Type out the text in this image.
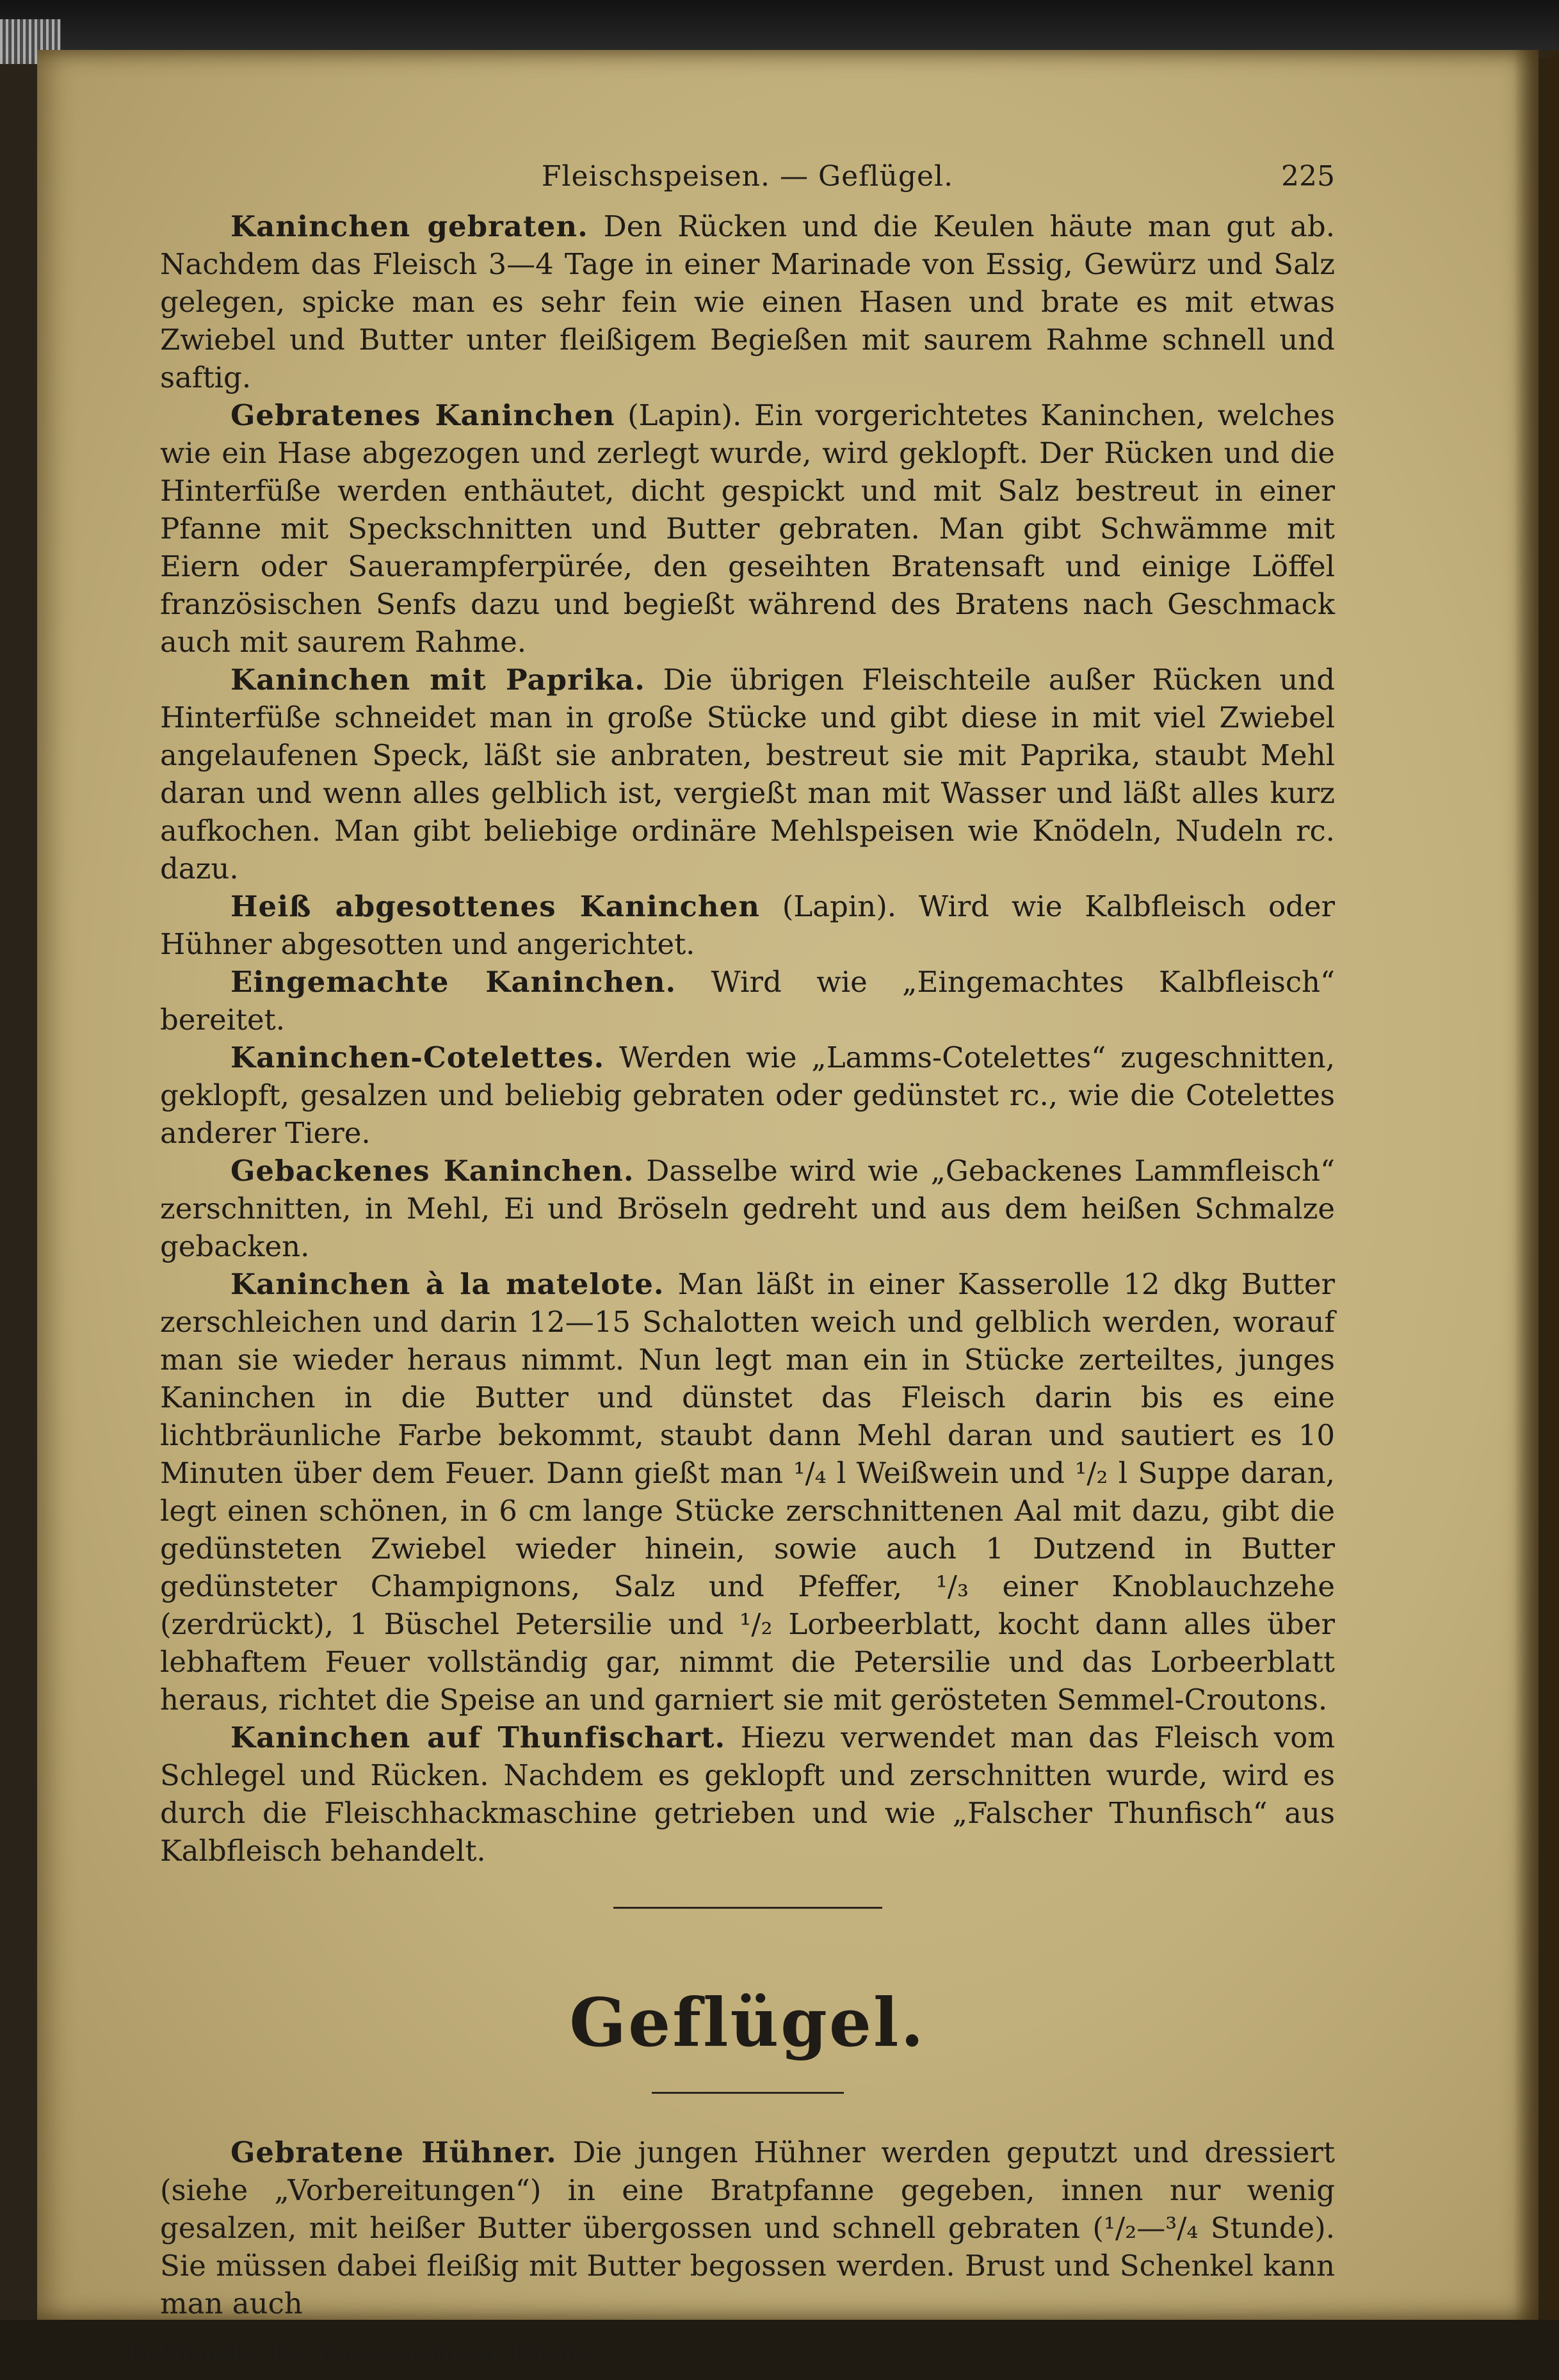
Fleischspeisen. — Geflügel.	225

Kaninchen gebraten. Den Rücken und die Keulen häute man gut ab. Nachdem das Fleisch 3—4 Tage in einer Marinade von Essig, Gewürz und Salz gelegen, spicke man es sehr fein wie einen Hasen und brate es mit etwas Zwiebel und Butter unter fleißigem Begießen mit saurem Rahme schnell und saftig.

Gebratenes Kaninchen (Lapin). Ein vorgerichtetes Kaninchen, welches wie ein Hase abgezogen und zerlegt wurde, wird geklopft. Der Rücken und die Hinterfüße werden enthäutet, dicht gespickt und mit Salz bestreut in einer Pfanne mit Speckschnitten und Butter gebraten. Man gibt Schwämme mit Eiern oder Sauerampferpürée, den geseihten Bratensaft und einige Löffel französischen Senfs dazu und begießt während des Bratens nach Geschmack auch mit saurem Rahme.

Kaninchen mit Paprika. Die übrigen Fleischteile außer Rücken und Hinterfüße schneidet man in große Stücke und gibt diese in mit viel Zwiebel angelaufenen Speck, läßt sie anbraten, bestreut sie mit Paprika, staubt Mehl daran und wenn alles gelblich ist, vergießt man mit Wasser und läßt alles kurz aufkochen. Man gibt beliebige ordinäre Mehlspeisen wie Knödeln, Nudeln rc. dazu.

Heiß abgesottenes Kaninchen (Lapin). Wird wie Kalbfleisch oder Hühner abgesotten und angerichtet.

Eingemachte Kaninchen. Wird wie „Eingemachtes Kalbfleisch“ bereitet.

Kaninchen-Cotelettes. Werden wie „Lamms-Cotelettes“ zugeschnitten, geklopft, gesalzen und beliebig gebraten oder gedünstet rc., wie die Cotelettes anderer Tiere.

Gebackenes Kaninchen. Dasselbe wird wie „Gebackenes Lammfleisch“ zerschnitten, in Mehl, Ei und Bröseln gedreht und aus dem heißen Schmalze gebacken.

Kaninchen à la matelote. Man läßt in einer Kasserolle 12 dkg Butter zerschleichen und darin 12—15 Schalotten weich und gelblich werden, worauf man sie wieder heraus nimmt. Nun legt man ein in Stücke zerteiltes, junges Kaninchen in die Butter und dünstet das Fleisch darin bis es eine lichtbräunliche Farbe bekommt, staubt dann Mehl daran und sautiert es 10 Minuten über dem Feuer. Dann gießt man ¹/₄ l Weißwein und ¹/₂ l Suppe daran, legt einen schönen, in 6 cm lange Stücke zerschnittenen Aal mit dazu, gibt die gedünsteten Zwiebel wieder hinein, sowie auch 1 Dutzend in Butter gedünsteter Champignons, Salz und Pfeffer, ¹/₃ einer Knoblauchzehe (zerdrückt), 1 Büschel Petersilie und ¹/₂ Lorbeerblatt, kocht dann alles über lebhaftem Feuer vollständig gar, nimmt die Petersilie und das Lorbeerblatt heraus, richtet die Speise an und garniert sie mit gerösteten Semmel-Croutons.

Kaninchen auf Thunfischart. Hiezu verwendet man das Fleisch vom Schlegel und Rücken. Nachdem es geklopft und zerschnitten wurde, wird es durch die Fleischhackmaschine getrieben und wie „Falscher Thunfisch“ aus Kalbfleisch behandelt.

Geflügel.

Gebratene Hühner. Die jungen Hühner werden geputzt und dressiert (siehe „Vorbereitungen“) in eine Bratpfanne gegeben, innen nur wenig gesalzen, mit heißer Butter übergossen und schnell gebraten (¹/₂—³/₄ Stunde). Sie müssen dabei fleißig mit Butter begossen werden. Brust und Schenkel kann man auch

Rokitansky, Die Österreichische Küche.	15
